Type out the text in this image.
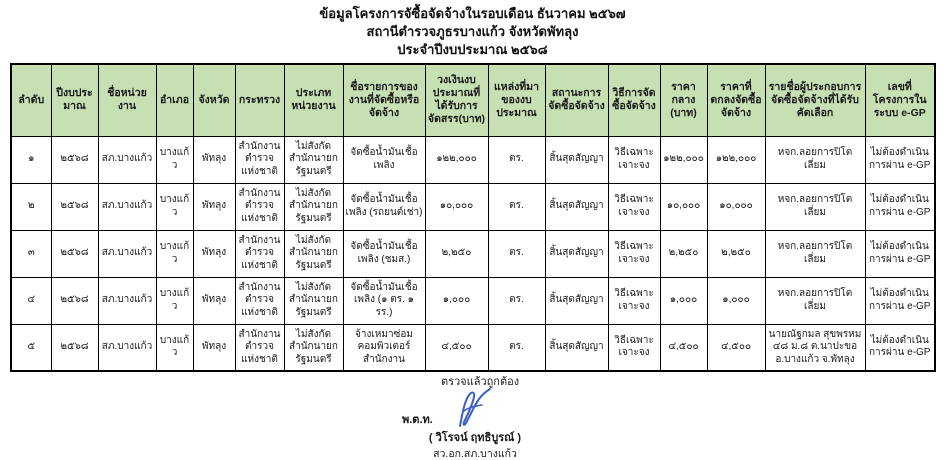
ข้อมูลโครงการจัซื้อจัดจ้างในรอบเดือน ธันวาคม ๒๕๖๗
สถานีตำรวจภูธรบางแก้ว จังหวัดพัทลุง
ประจำปีงบประมาณ ๒๕๖๘
ลำดับ	ปีงบประมาณ	ชื่อหน่วยงาน	อำเภอ	จังหวัด	กระทรวง	ประเภทหน่วยงาน	ชื่อรายการของงานที่จัดซื้อหรือจัดจ้าง	วงเงินงบประมาณที่ได้รับการจัดสรร(บาท)	แหล่งที่มาของงบประมาณ	สถานะการจัดซื้อจัดจ้าง	วิธีการจัดซื้อจัดจ้าง	ราคากลาง (บาท)	ราคาที่ตกลงจัดซื้อจัดจ้าง	รายชื่อผู้ประกอบการจัดซื้อจัดจ้างที่ได้รับคัดเลือก	เลขที่โครงการในระบบ e-GP
๑	๒๕๖๘	สภ.บางแก้ว	บางแก้ว	พัทลุง	สำนักงานตำรวจแห่งชาติ	ไม่สังกัดสำนักนายกรัฐมนตรี	จัดซื้อน้ำมันเชื้อเพลิง	๑๒๒,๐๐๐	ตร.	สิ้นสุดสัญญา	วิธีเฉพาะเจาะจง	๑๒๒,๐๐๐	๑๒๒,๐๐๐	หจก.ลอยการปิโตเลี่ยม	ไม่ต้องดำเนินการผ่าน e-GP
๒	๒๕๖๘	สภ.บางแก้ว	บางแก้ว	พัทลุง	สำนักงานตำรวจแห่งชาติ	ไม่สังกัดสำนักนายกรัฐมนตรี	จัดซื้อน้ำมันเชื้อเพลิง (รถยนต์เช่า)	๑๐,๐๐๐	ตร.	สิ้นสุดสัญญา	วิธีเฉพาะเจาะจง	๑๐,๐๐๐	๑๐,๐๐๐	หจก.ลอยการปิโตเลี่ยม	ไม่ต้องดำเนินการผ่าน e-GP
๓	๒๕๖๘	สภ.บางแก้ว	บางแก้ว	พัทลุง	สำนักงานตำรวจแห่งชาติ	ไม่สังกัดสำนักนายกรัฐมนตรี	จัดซื้อน้ำมันเชื้อเพลิง (ชมส.)	๒,๒๕๐	ตร.	สิ้นสุดสัญญา	วิธีเฉพาะเจาะจง	๒,๒๕๐	๒,๒๕๐	หจก.ลอยการปิโตเลี่ยม	ไม่ต้องดำเนินการผ่าน e-GP
๔	๒๕๖๘	สภ.บางแก้ว	บางแก้ว	พัทลุง	สำนักงานตำรวจแห่งชาติ	ไม่สังกัดสำนักนายกรัฐมนตรี	จัดซื้อน้ำมันเชื้อเพลิง (๑ ตร. ๑ รร.)	๑,๐๐๐	ตร.	สิ้นสุดสัญญา	วิธีเฉพาะเจาะจง	๑,๐๐๐	๑,๐๐๐	หจก.ลอยการปิโตเลี่ยม	ไม่ต้องดำเนินการผ่าน e-GP
๕	๒๕๖๘	สภ.บางแก้ว	บางแก้ว	พัทลุง	สำนักงานตำรวจแห่งชาติ	ไม่สังกัดสำนักนายกรัฐมนตรี	จ้างเหมาซ่อมคอมพิวเตอร์สำนักงาน	๔,๕๐๐	ตร.	สิ้นสุดสัญญา	วิธีเฉพาะเจาะจง	๔,๕๐๐	๔,๕๐๐	นายณัฐกมล สุขพรหม ๔๘ ม.๘ ต.นาปะขอ อ.บางแก้ว จ.พัทลุง	ไม่ต้องดำเนินการผ่าน e-GP
ตรวจแล้วถูกต้อง
พ.ต.ท.
( วิโรจน์ ฤทธิบูรณ์ )
สว.อก.สภ.บางแก้ว
